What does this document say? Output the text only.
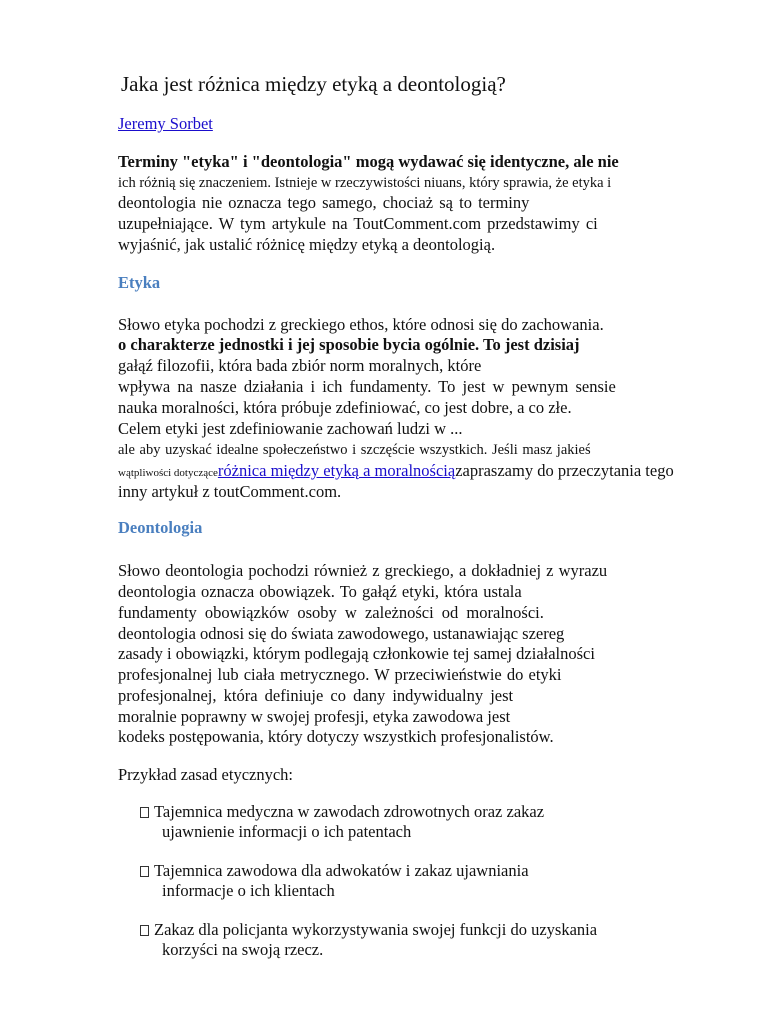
Jaka jest różnica między etyką a deontologią?
Jeremy Sorbet
Terminy "etyka" i "deontologia" mogą wydawać się identyczne, ale nie
ich różnią się znaczeniem. Istnieje w rzeczywistości niuans, który sprawia, że etyka i
deontologia nie oznacza tego samego, chociaż są to terminy
uzupełniające. W tym artykule na ToutComment.com przedstawimy ci
wyjaśnić, jak ustalić różnicę między etyką a deontologią.
Etyka
Słowo etyka pochodzi z greckiego ethos, które odnosi się do zachowania.
o charakterze jednostki i jej sposobie bycia ogólnie. To jest dzisiaj
gałąź filozofii, która bada zbiór norm moralnych, które
wpływa na nasze działania i ich fundamenty. To jest w pewnym sensie
nauka moralności, która próbuje zdefiniować, co jest dobre, a co złe.
Celem etyki jest zdefiniowanie zachowań ludzi w ...
ale aby uzyskać idealne społeczeństwo i szczęście wszystkich. Jeśli masz jakieś
wątpliwości dotycząceróżnica między etyką a moralnościązapraszamy do przeczytania tego
inny artykuł z toutComment.com.
Deontologia
Słowo deontologia pochodzi również z greckiego, a dokładniej z wyrazu
deontologia oznacza obowiązek. To gałąź etyki, która ustala
fundamenty obowiązków osoby w zależności od moralności.
deontologia odnosi się do świata zawodowego, ustanawiając szereg
zasady i obowiązki, którym podlegają członkowie tej samej działalności
profesjonalnej lub ciała metrycznego. W przeciwieństwie do etyki
profesjonalnej, która definiuje co dany indywidualny jest
moralnie poprawny w swojej profesji, etyka zawodowa jest
kodeks postępowania, który dotyczy wszystkich profesjonalistów.
Przykład zasad etycznych:
Tajemnica medyczna w zawodach zdrowotnych oraz zakaz
ujawnienie informacji o ich patentach
Tajemnica zawodowa dla adwokatów i zakaz ujawniania
informacje o ich klientach
Zakaz dla policjanta wykorzystywania swojej funkcji do uzyskania
korzyści na swoją rzecz.
